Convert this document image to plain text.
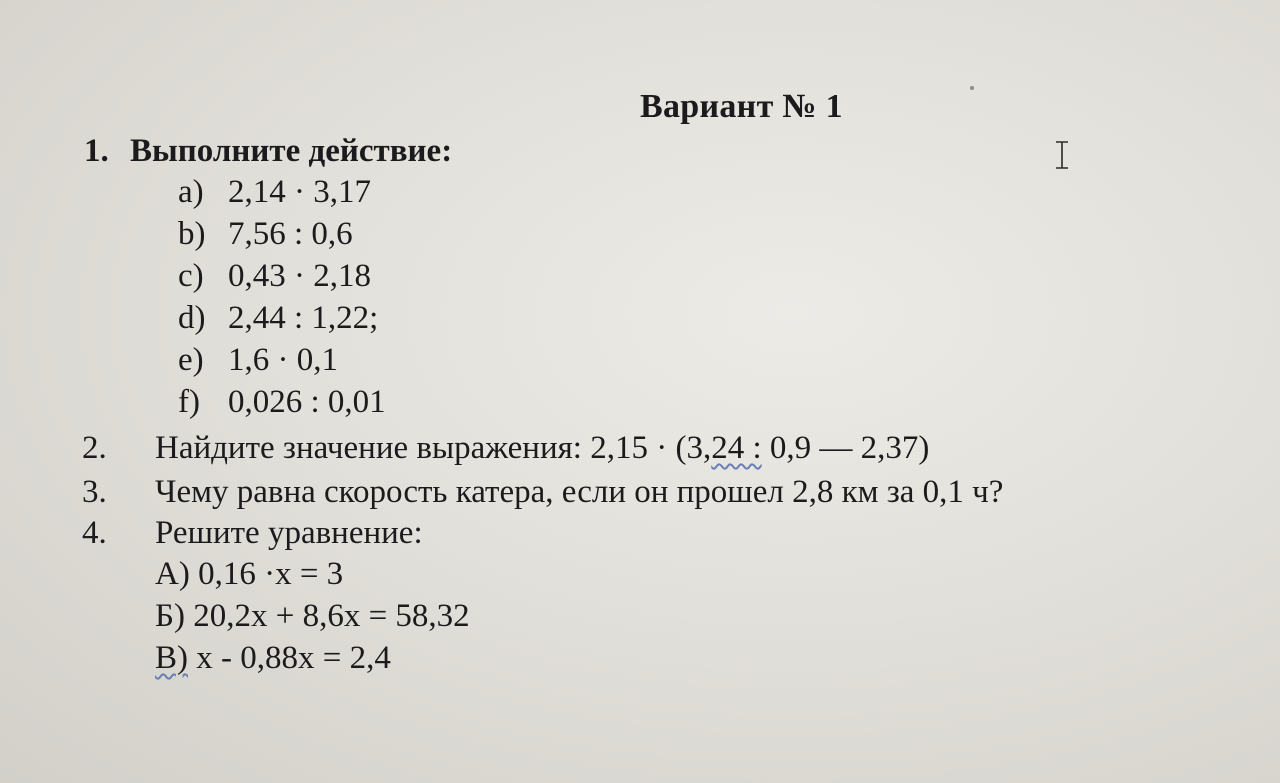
Вариант № 1
1. Выполните действие:
a) 2,14 · 3,17
b) 7,56 : 0,6
c) 0,43 · 2,18
d) 2,44 : 1,22;
e) 1,6 · 0,1
f) 0,026 : 0,01
2. Найдите значение выражения: 2,15 · (3,24 : 0,9 — 2,37)
3. Чему равна скорость катера, если он прошел 2,8 км за 0,1 ч?
4. Решите уравнение:
А) 0,16 ·x = 3
Б) 20,2x + 8,6x = 58,32
В) x - 0,88x = 2,4
